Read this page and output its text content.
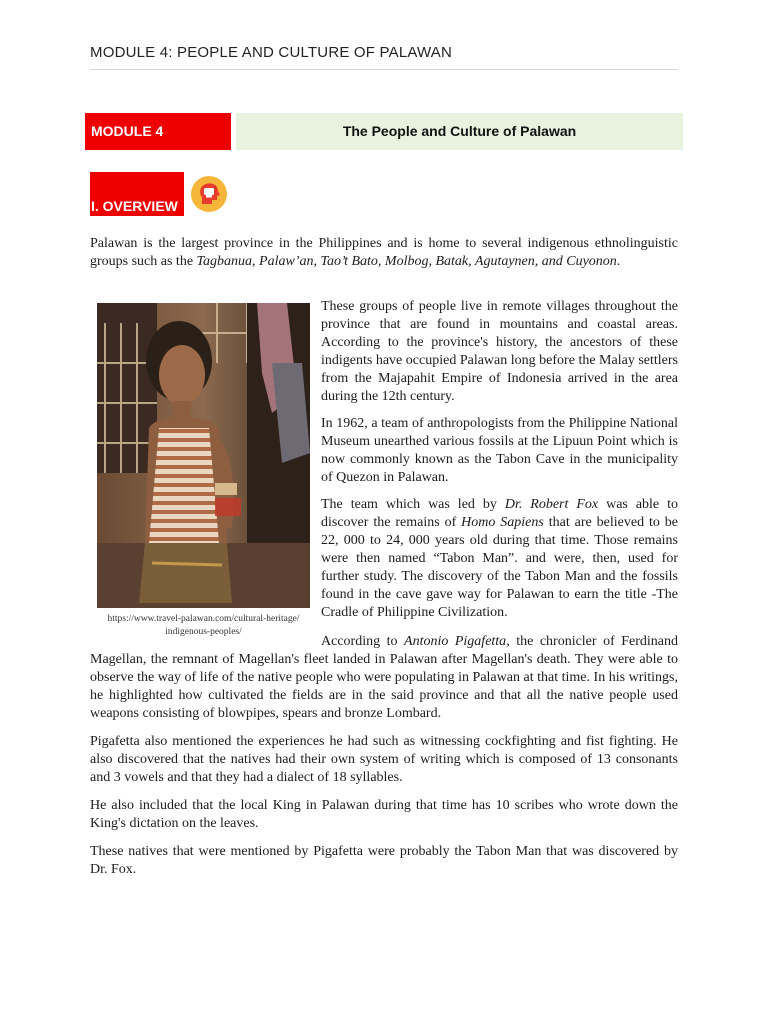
MODULE 4: PEOPLE AND CULTURE OF PALAWAN
MODULE 4	The People and Culture of Palawan
I. OVERVIEW

Palawan is the largest province in the Philippines and is home to several indigenous ethnolinguistic groups such as the Tagbanua, Palaw’an, Tao’t Bato, Molbog, Batak, Agutaynen, and Cuyonon.

https://www.travel-palawan.com/cultural-heritage/
indigenous-peoples/

These groups of people live in remote villages throughout the province that are found in mountains and coastal areas. According to the province's history, the ancestors of these indigents have occupied Palawan long before the Malay settlers from the Majapahit Empire of Indonesia arrived in the area during the 12th century.

In 1962, a team of anthropologists from the Philippine National Museum unearthed various fossils at the Lipuun Point which is now commonly known as the Tabon Cave in the municipality of Quezon in Palawan.

The team which was led by Dr. Robert Fox was able to discover the remains of Homo Sapiens that are believed to be 22, 000 to 24, 000 years old during that time. Those remains were then named “Tabon Man”. and were, then, used for further study. The discovery of the Tabon Man and the fossils found in the cave gave way for Palawan to earn the title -The Cradle of Philippine Civilization.

According to Antonio Pigafetta, the chronicler of Ferdinand Magellan, the remnant of Magellan's fleet landed in Palawan after Magellan's death. They were able to observe the way of life of the native people who were populating in Palawan at that time. In his writings, he highlighted how cultivated the fields are in the said province and that all the native people used weapons consisting of blowpipes, spears and bronze Lombard.

Pigafetta also mentioned the experiences he had such as witnessing cockfighting and fist fighting. He also discovered that the natives had their own system of writing which is composed of 13 consonants and 3 vowels and that they had a dialect of 18 syllables.

He also included that the local King in Palawan during that time has 10 scribes who wrote down the King's dictation on the leaves.

These natives that were mentioned by Pigafetta were probably the Tabon Man that was discovered by Dr. Fox.
